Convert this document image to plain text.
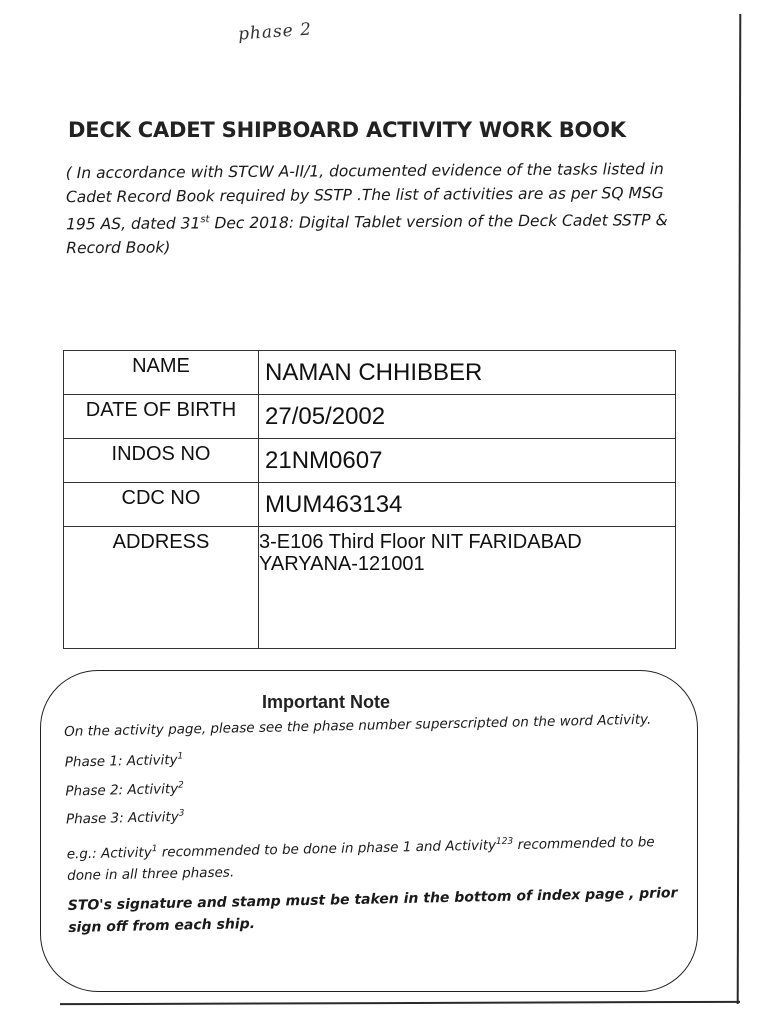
phase 2
DECK CADET SHIPBOARD ACTIVITY WORK BOOK
( In accordance with STCW A-II/1, documented evidence of the tasks listed in Cadet Record Book required by SSTP .The list of activities are as per SQ MSG 195 AS, dated 31st Dec 2018: Digital Tablet version of the Deck Cadet SSTP & Record Book)
NAME	NAMAN CHHIBBER
DATE OF BIRTH	27/05/2002
INDOS NO	21NM0607
CDC NO	MUM463134
ADDRESS	3-E106 Third Floor NIT FARIDABAD
YARYANA-121001
Important Note

On the activity page, please see the phase number superscripted on the word Activity.

Phase 1: Activity$^1$

Phase 2: Activity$^2$

Phase 3: Activity$^3$

e.g.: Activity$^1$ recommended to be done in phase 1 and Activity$^{123}$ recommended to be done in all three phases.

STO's signature and stamp must be taken in the bottom of index page , prior sign off from each ship.
